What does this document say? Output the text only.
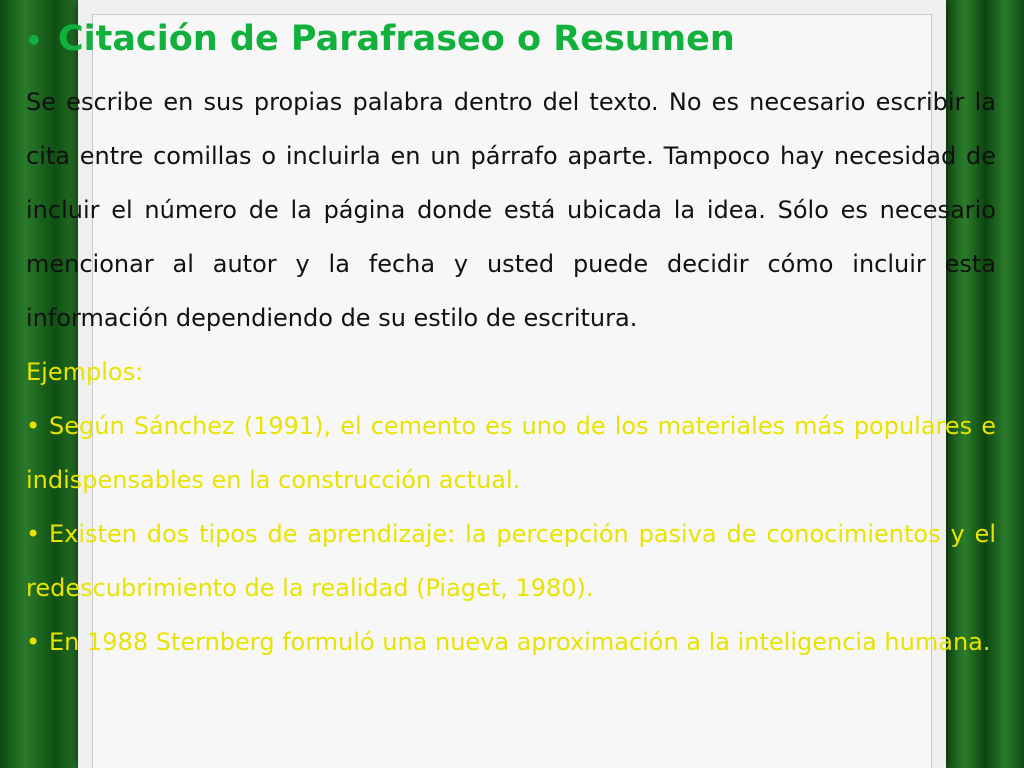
• Citación de Parafraseo o Resumen

Se escribe en sus propias palabra dentro del texto. No es necesario escribir la cita entre comillas o incluirla en un párrafo aparte. Tampoco hay necesidad de incluir el número de la página donde está ubicada la idea. Sólo es necesario mencionar al autor y la fecha y usted puede decidir cómo incluir esta información dependiendo de su estilo de escritura.

Ejemplos:

• Según Sánchez (1991), el cemento es uno de los materiales más populares e indispensables en la construcción actual.

• Existen dos tipos de aprendizaje: la percepción pasiva de conocimientos y el redescubrimiento de la realidad (Piaget, 1980).

• En 1988 Sternberg formuló una nueva aproximación a la inteligencia humana.
